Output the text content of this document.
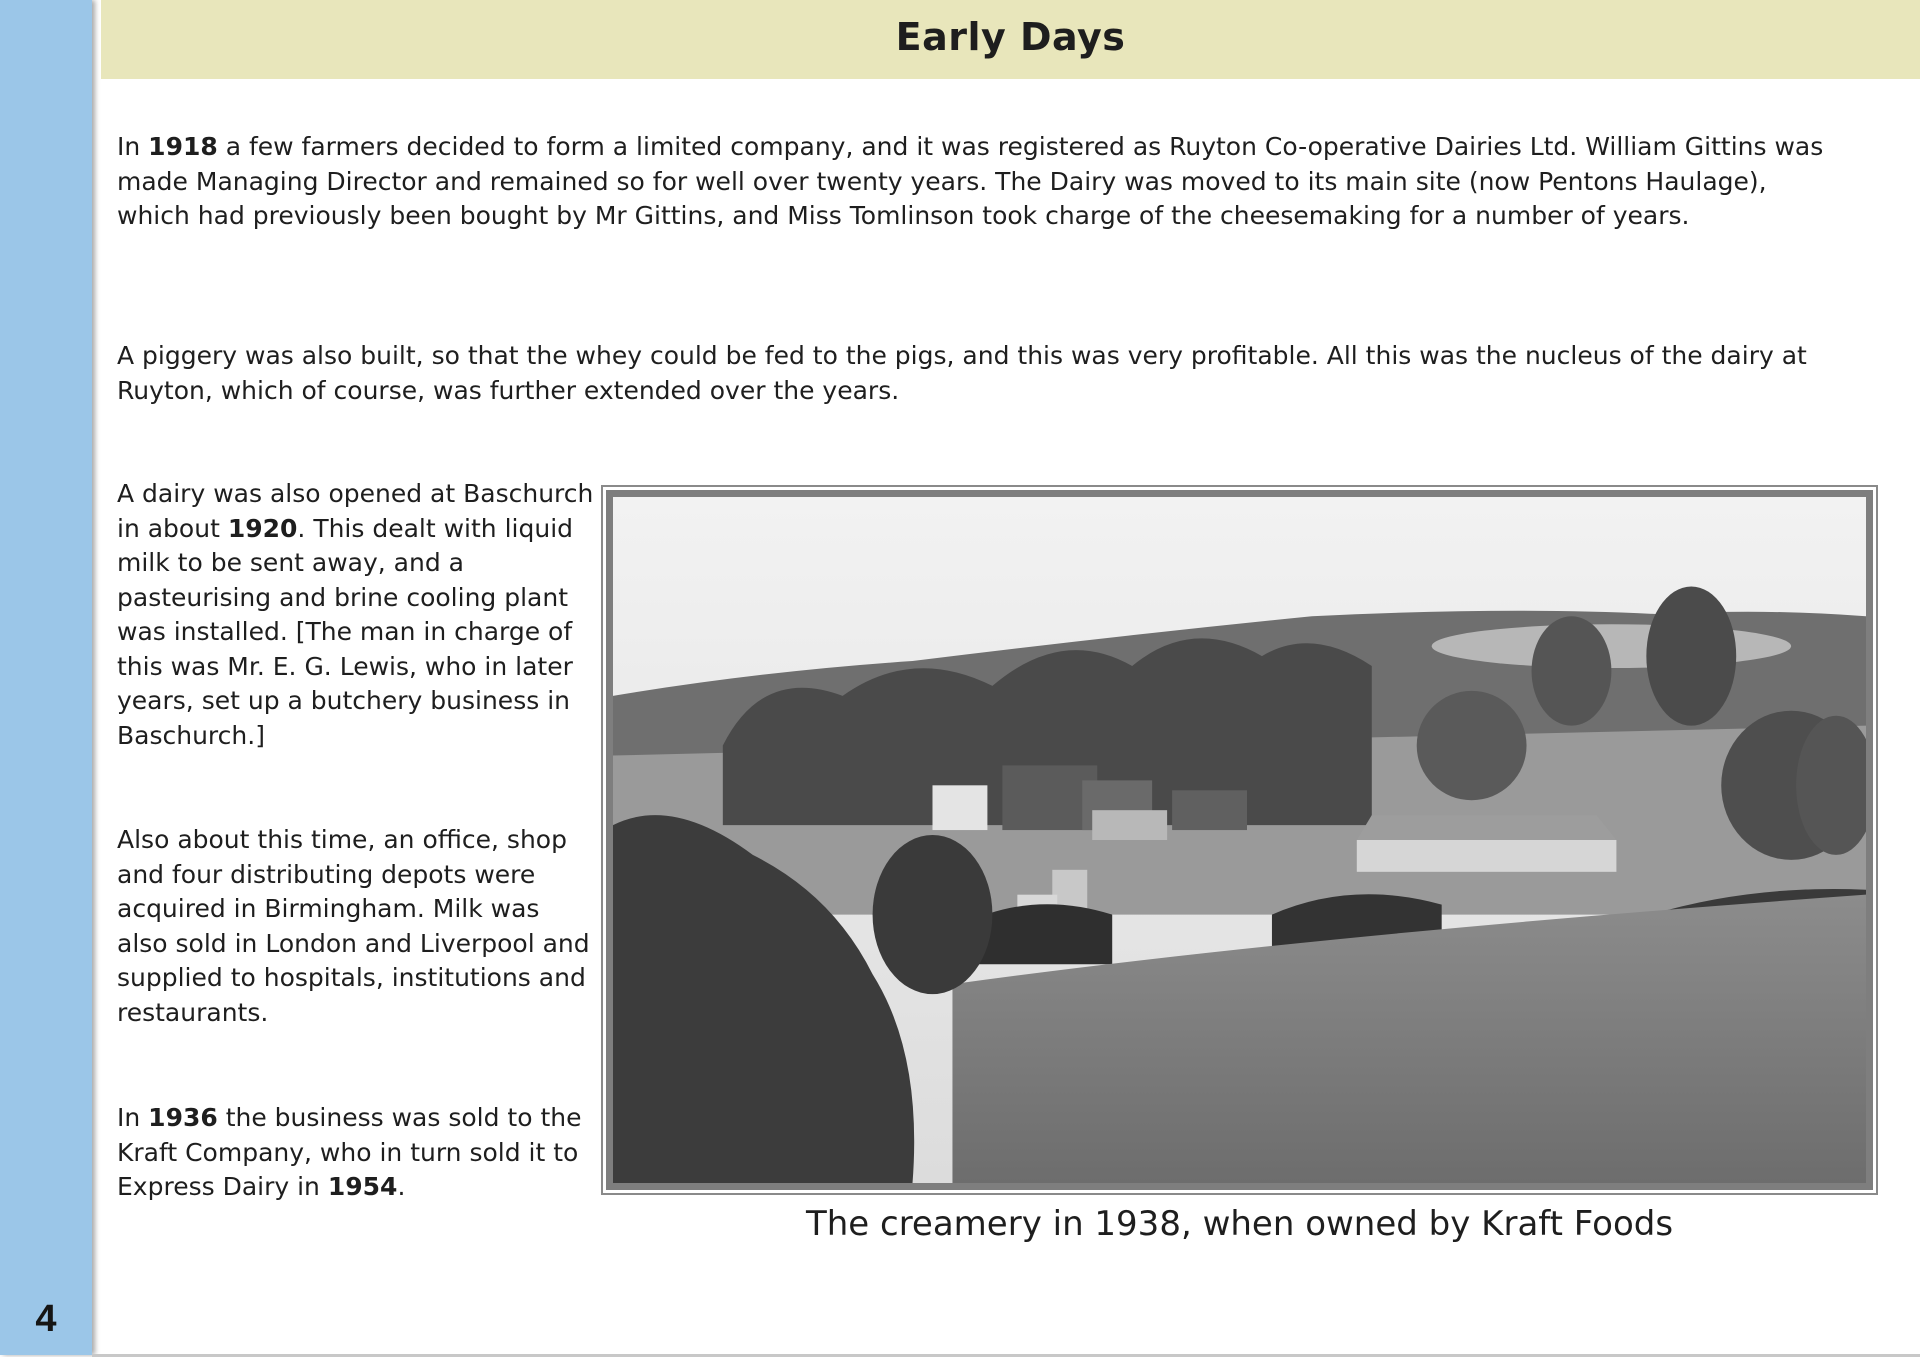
4
Early Days

In 1918 a few farmers decided to form a limited company, and it was registered as Ruyton Co-operative Dairies Ltd. William Gittins was made Managing Director and remained so for well over twenty years. The Dairy was moved to its main site (now Pentons Haulage), which had previously been bought by Mr Gittins, and Miss Tomlinson took charge of the cheesemaking for a number of years.

A piggery was also built, so that the whey could be fed to the pigs, and this was very profitable. All this was the nucleus of the dairy at Ruyton, which of course, was further extended over the years.

A dairy was also opened at Baschurch in about 1920. This dealt with liquid milk to be sent away, and a pasteurising and brine cooling plant was installed. [The man in charge of this was Mr. E. G. Lewis, who in later years, set up a butchery business in Baschurch.]

Also about this time, an office, shop and four distributing depots were acquired in Birmingham. Milk was also sold in London and Liverpool and supplied to hospitals, institutions and restaurants.

In 1936 the business was sold to the Kraft Company, who in turn sold it to Express Dairy in 1954.

The creamery in 1938, when owned by Kraft Foods
